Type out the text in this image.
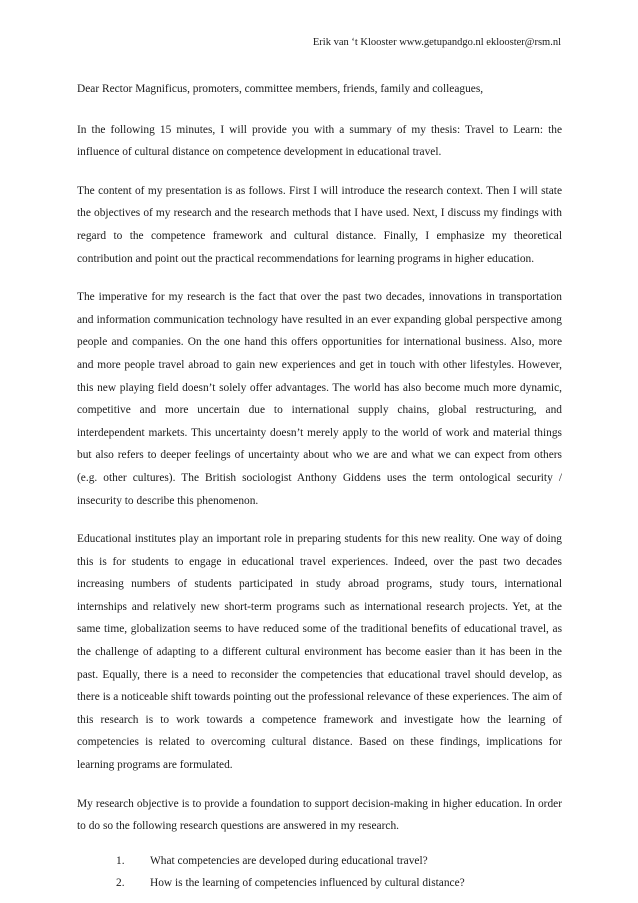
Erik van ‘t Klooster www.getupandgo.nl eklooster@rsm.nl

Dear Rector Magnificus, promoters, committee members, friends, family and colleagues,

In the following 15 minutes, I will provide you with a summary of my thesis: Travel to Learn: the influence of cultural distance on competence development in educational travel.

The content of my presentation is as follows. First I will introduce the research context. Then I will state the objectives of my research and the research methods that I have used. Next, I discuss my findings with regard to the competence framework and cultural distance. Finally, I emphasize my theoretical contribution and point out the practical recommendations for learning programs in higher education.

The imperative for my research is the fact that over the past two decades, innovations in transportation and information communication technology have resulted in an ever expanding global perspective among people and companies. On the one hand this offers opportunities for international business. Also, more and more people travel abroad to gain new experiences and get in touch with other lifestyles. However, this new playing field doesn’t solely offer advantages. The world has also become much more dynamic, competitive and more uncertain due to international supply chains, global restructuring, and interdependent markets. This uncertainty doesn’t merely apply to the world of work and material things but also refers to deeper feelings of uncertainty about who we are and what we can expect from others (e.g. other cultures). The British sociologist Anthony Giddens uses the term ontological security / insecurity to describe this phenomenon.

Educational institutes play an important role in preparing students for this new reality. One way of doing this is for students to engage in educational travel experiences. Indeed, over the past two decades increasing numbers of students participated in study abroad programs, study tours, international internships and relatively new short-term programs such as international research projects. Yet, at the same time, globalization seems to have reduced some of the traditional benefits of educational travel, as the challenge of adapting to a different cultural environment has become easier than it has been in the past. Equally, there is a need to reconsider the competencies that educational travel should develop, as there is a noticeable shift towards pointing out the professional relevance of these experiences. The aim of this research is to work towards a competence framework and investigate how the learning of competencies is related to overcoming cultural distance. Based on these findings, implications for learning programs are formulated.

My research objective is to provide a foundation to support decision-making in higher education. In order to do so the following research questions are answered in my research.

1.	What competencies are developed during educational travel?
2.	How is the learning of competencies influenced by cultural distance?
